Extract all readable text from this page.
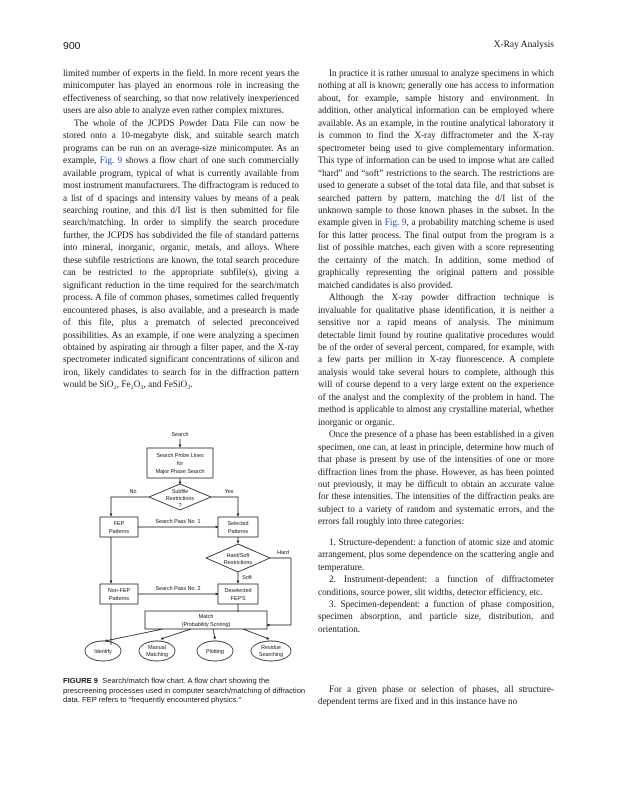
900	X-Ray Analysis

limited number of experts in the field. In more recent years the minicomputer has played an enormous role in increasing the effectiveness of searching, so that now relatively inexperienced users are also able to analyze even rather complex mixtures.

The whole of the JCPDS Powder Data File can now be stored onto a 10-megabyte disk, and suitable search match programs can be run on an average-size minicomputer. As an example, Fig. 9 shows a flow chart of one such commercially available program, typical of what is currently available from most instrument manufacturers. The diffractogram is reduced to a list of d spacings and intensity values by means of a peak searching routine, and this d/I list is then submitted for file search/matching. In order to simplify the search procedure further, the JCPDS has subdivided the file of standard patterns into mineral, inorganic, organic, metals, and alloys. Where these subfile restrictions are known, the total search procedure can be restricted to the appropriate subfile(s), giving a significant reduction in the time required for the search/match process. A file of common phases, sometimes called frequently encountered phases, is also available, and a presearch is made of this file, plus a prematch of selected preconceived possibilities. As an example, if one were analyzing a specimen obtained by aspirating air through a filter paper, and the X-ray spectrometer indicated significant concentrations of silicon and iron, likely candidates to search for in the diffraction pattern would be SiO₂, Fe₂O₃, and FeSiO₃.

In practice it is rather unusual to analyze specimens in which nothing at all is known; generally one has access to information about, for example, sample history and environment. In addition, other analytical information can be employed where available. As an example, in the routine analytical laboratory it is common to find the X-ray diffractometer and the X-ray spectrometer being used to give complementary information. This type of information can be used to impose what are called “hard” and “soft” restrictions to the search. The restrictions are used to generate a subset of the total data file, and that subset is searched pattern by pattern, matching the d/I list of the unknown sample to those known phases in the subset. In the example given in Fig. 9, a probability matching scheme is used for this latter process. The final output from the program is a list of possible matches, each given with a score representing the certainty of the match. In addition, some method of graphically representing the original pattern and possible matched candidates is also provided.

Although the X-ray powder diffraction technique is invaluable for qualitative phase identification, it is neither a sensitive nor a rapid means of analysis. The minimum detectable limit found by routine qualitative procedures would be of the order of several percent, compared, for example, with a few parts per million in X-ray fluorescence. A complete analysis would take several hours to complete, although this will of course depend to a very large extent on the experience of the analyst and the complexity of the problem in hand. The method is applicable to almost any crystalline material, whether inorganic or organic.

Once the presence of a phase has been established in a given specimen, one can, at least in principle, determine how much of that phase is present by use of the intensities of one or more diffraction lines from the phase. However, as has been pointed out previously, it may be difficult to obtain an accurate value for these intensities. The intensities of the diffraction peaks are subject to a variety of random and systematic errors, and the errors fall roughly into three categories:

1. Structure-dependent: a function of atomic size and atomic arrangement, plus some dependence on the scattering angle and temperature.

2. Instrument-dependent: a function of diffractometer conditions, source power, slit widths, detector efficiency, etc.

3. Specimen-dependent: a function of phase composition, specimen absorption, and particle size, distribution, and orientation.

For a given phase or selection of phases, all structure-dependent terms are fixed and in this instance have no

Search
Search Probe Lines
for
Major Phase Search
No	Yes
Subfile
Restrictions
?
FEP
Patterns
Search Pass No. 1	Selected
Patterns
Hard/Soft
Restrictions
Hard
Soft
Non-FEP
Patterns
Search Pass No. 2	Deselected
FEP'S
Match
(Probability Scoring)
Identify
Manual
Matching	Plotting
Residue
Searching
FIGURE 9 Search/match flow chart. A flow chart showing the prescreening processes used in computer search/matching of diffraction data. FEP refers to “frequently encountered physics.”
